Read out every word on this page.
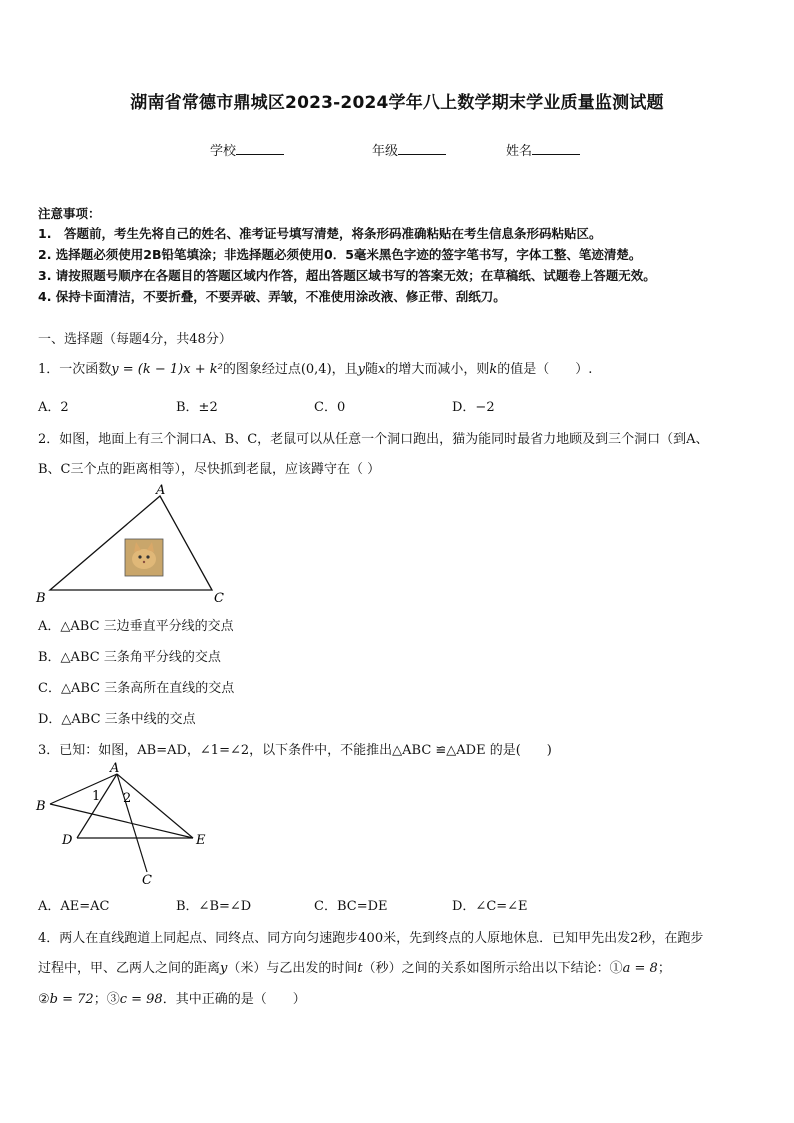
湖南省常德市鼎城区2023-2024学年八上数学期末学业质量监测试题
学校	年级	姓名
注意事项：
1.　答题前，考生先将自己的姓名、准考证号填写清楚，将条形码准确粘贴在考生信息条形码粘贴区。
2. 选择题必须使用2B铅笔填涂；非选择题必须使用0．5毫米黑色字迹的签字笔书写，字体工整、笔迹清楚。
3. 请按照题号顺序在各题目的答题区域内作答，超出答题区域书写的答案无效；在草稿纸、试题卷上答题无效。
4. 保持卡面清洁，不要折叠，不要弄破、弄皱，不准使用涂改液、修正带、刮纸刀。
一、选择题（每题4分，共48分）
1．一次函数y = (k − 1)x + k²的图象经过点(0,4)，且y随x的增大而减小，则k的值是（　　）.
A．2	B．±2	C．0	D．−2
2．如图，地面上有三个洞口A、B、C，老鼠可以从任意一个洞口跑出，猫为能同时最省力地顾及到三个洞口（到A、
B、C三个点的距离相等），尽快抓到老鼠，应该蹲守在（ ）
A
B	C
A．△ABC 三边垂直平分线的交点
B．△ABC 三条角平分线的交点
C．△ABC 三条高所在直线的交点
D．△ABC 三条中线的交点
3．已知：如图，AB=AD，∠1=∠2，以下条件中，不能推出△ABC ≌△ADE 的是(　　)
A
B
C
D	E
1 2
A．AE=AC	B．∠B=∠D	C．BC=DE	D．∠C=∠E
4．两人在直线跑道上同起点、同终点、同方向匀速跑步400米，先到终点的人原地休息．已知甲先出发2秒，在跑步
过程中，甲、乙两人之间的距离y（米）与乙出发的时间t（秒）之间的关系如图所示给出以下结论：①a = 8；
②b = 72；③c = 98．其中正确的是（　　）
